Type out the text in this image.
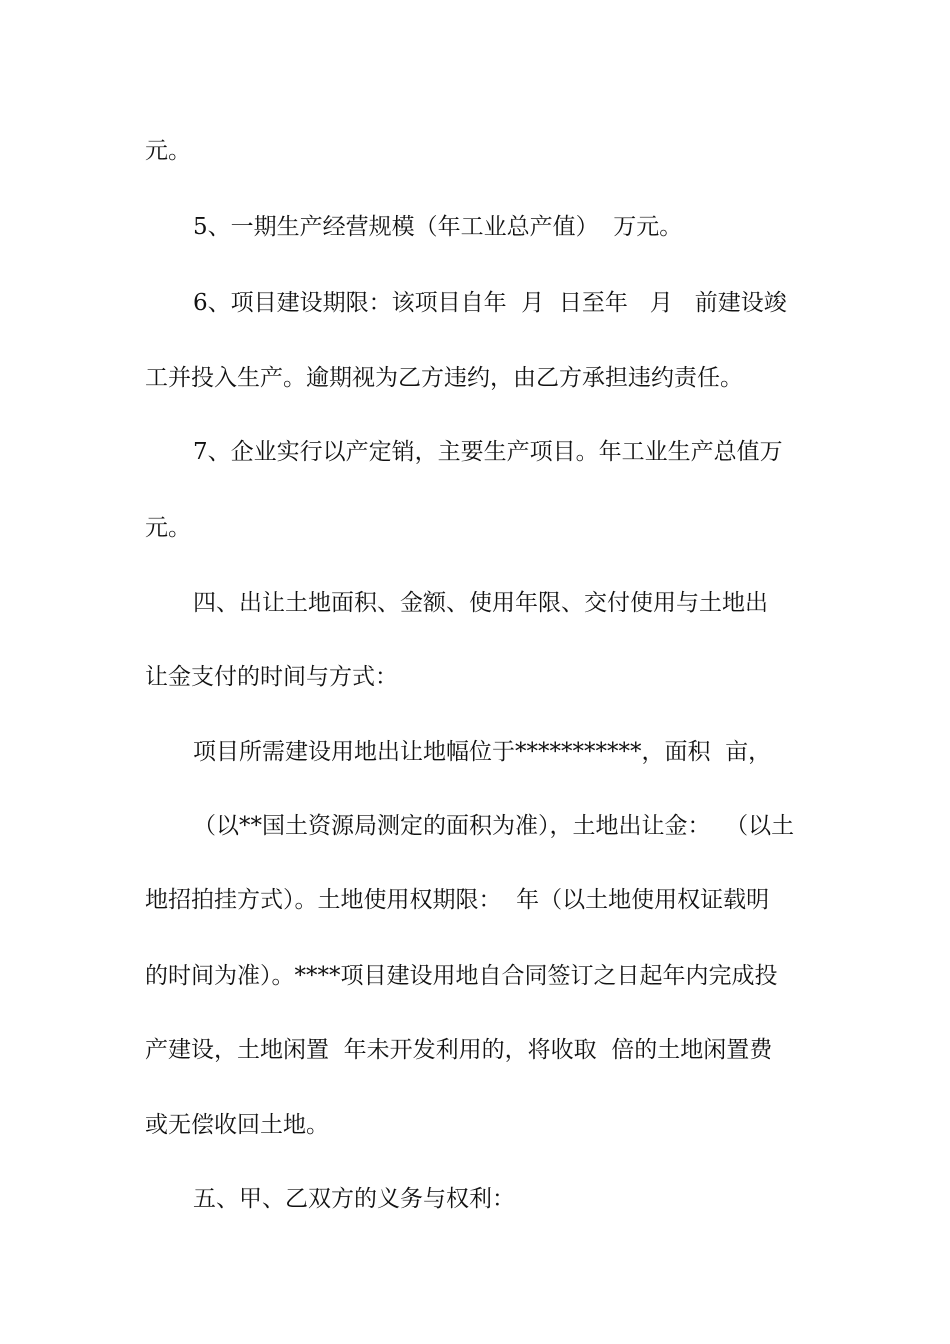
元。
5、一期生产经营规模（年工业总产值）  万元。
6、项目建设期限：该项目自年  月  日至年   月   前建设竣
工并投入生产。逾期视为乙方违约，由乙方承担违约责任。
7、企业实行以产定销，主要生产项目。年工业生产总值万
元。
四、出让土地面积、金额、使用年限、交付使用与土地出
让金支付的时间与方式：
项目所需建设用地出让地幅位于***********，面积  亩，
（以**国土资源局测定的面积为准），土地出让金：  （以土
地招拍挂方式）。土地使用权期限：  年（以土地使用权证载明
的时间为准）。****项目建设用地自合同签订之日起年内完成投
产建设，土地闲置  年未开发利用的，将收取  倍的土地闲置费
或无偿收回土地。
五、甲、乙双方的义务与权利：
